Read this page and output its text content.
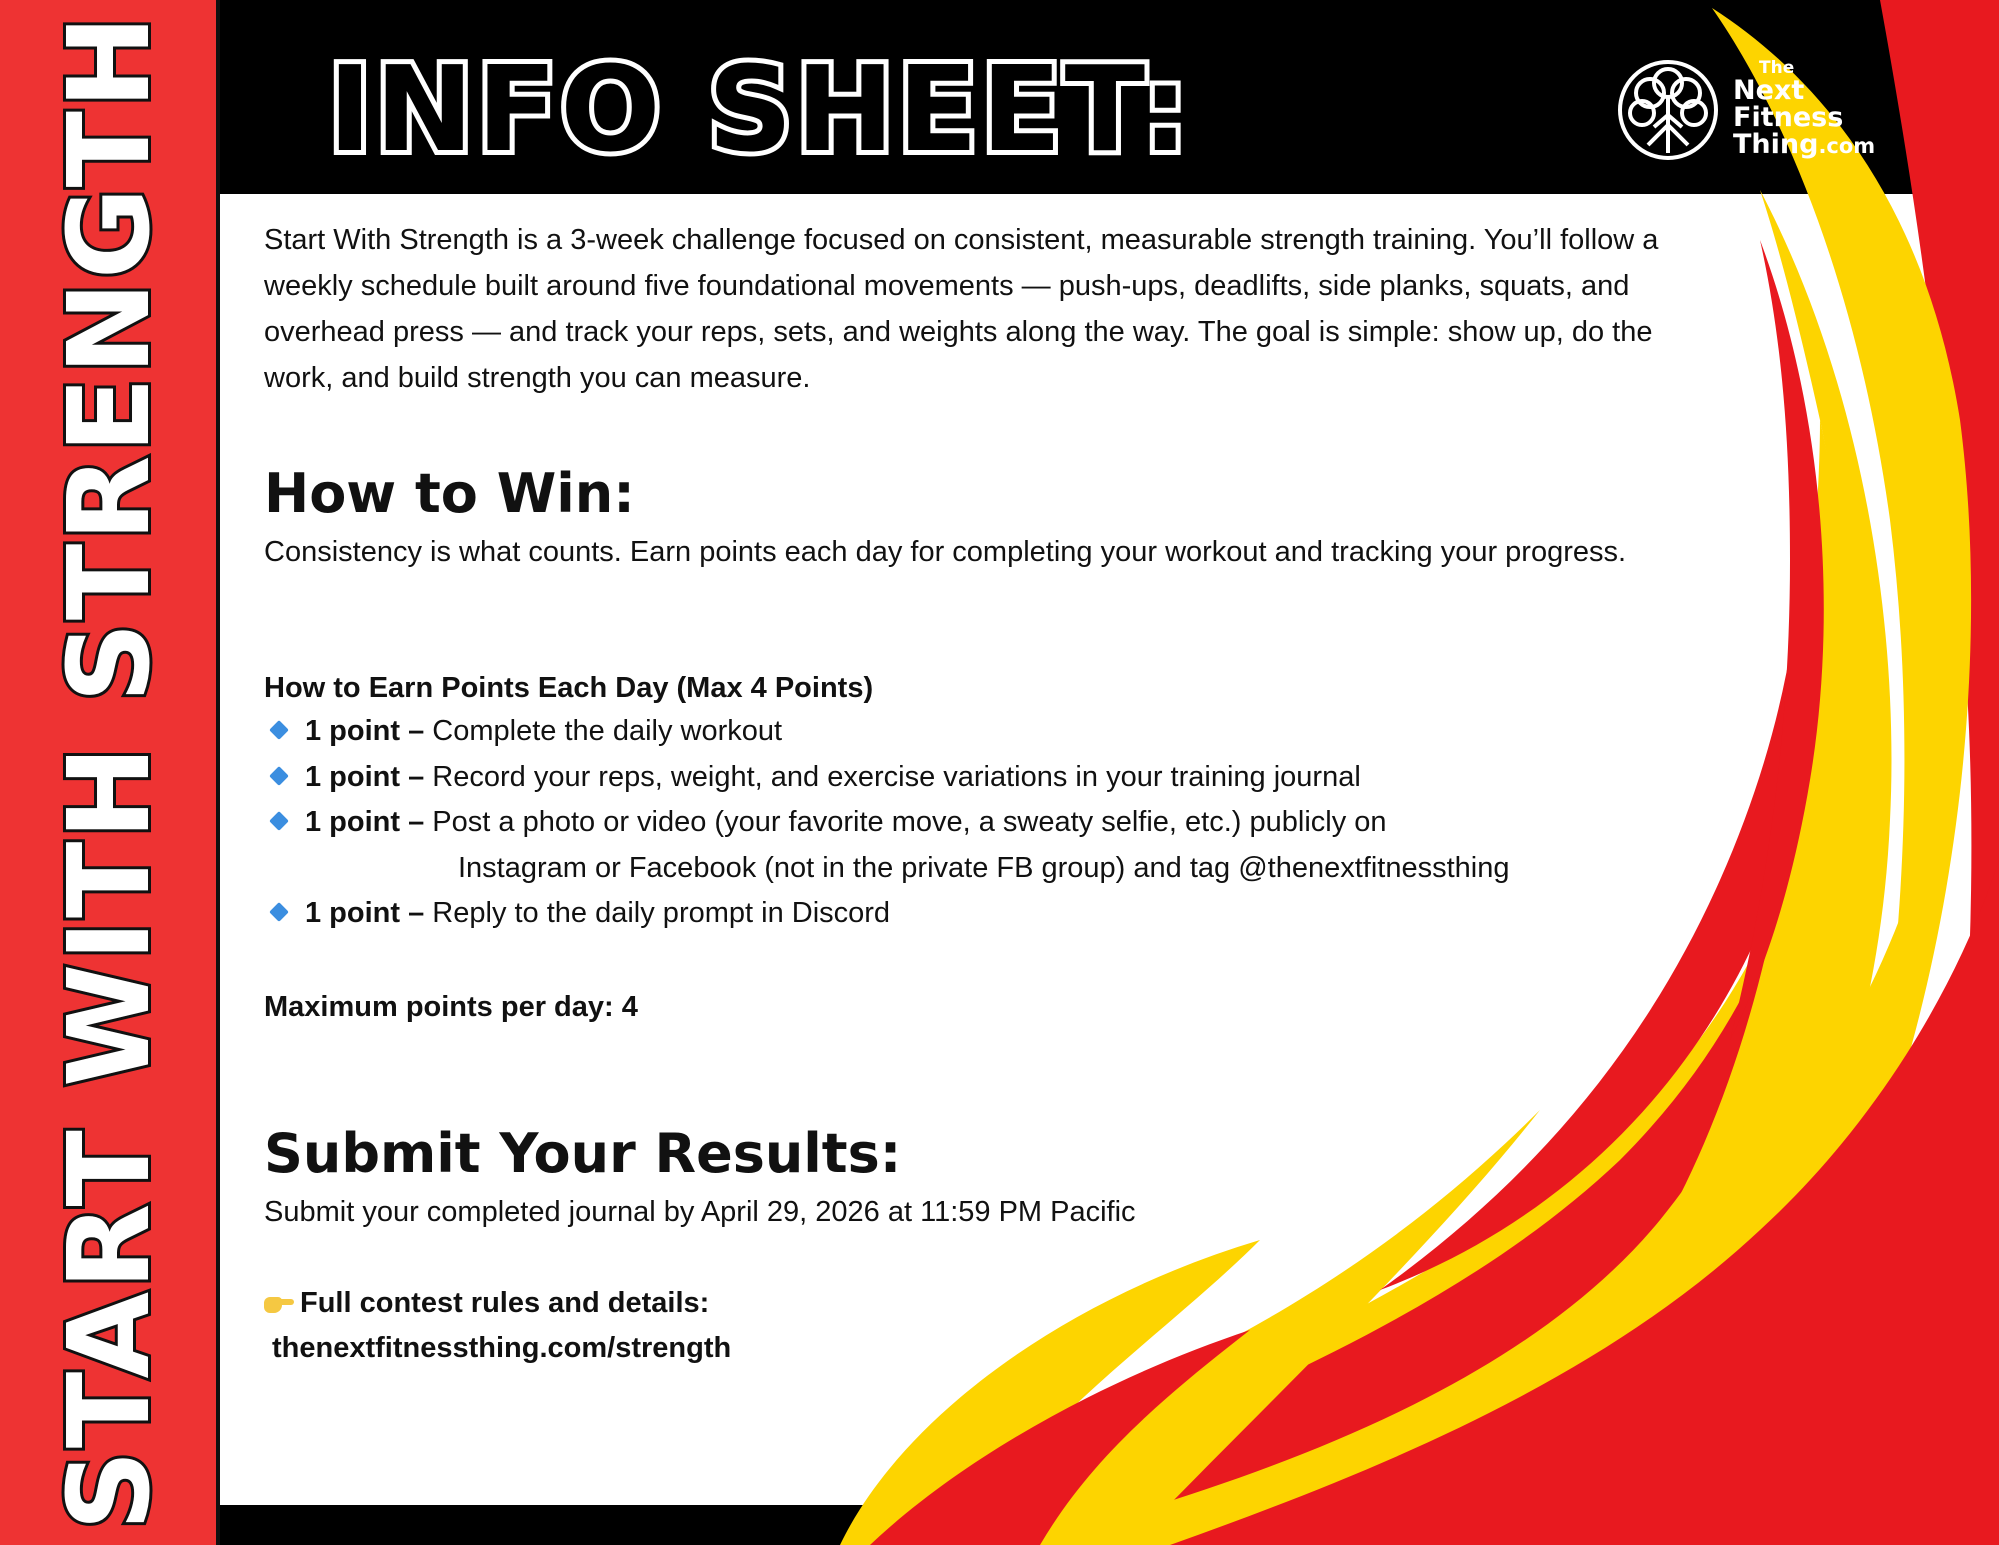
START WITH STRENGTH INFO SHEET:	The
Next
Fitness
Thing.com

Start With Strength is a 3-week challenge focused on consistent, measurable strength training. You’ll follow a weekly schedule built around five foundational movements — push-ups, deadlifts, side planks, squats, and overhead press — and track your reps, sets, and weights along the way. The goal is simple: show up, do the work, and build strength you can measure.

How to Win:

Consistency is what counts. Earn points each day for completing your workout and tracking your progress.

How to Earn Points Each Day (Max 4 Points)

1 point – Complete the daily workout
1 point – Record your reps, weight, and exercise variations in your training journal
1 point – Post a photo or video (your favorite move, a sweaty selfie, etc.) publicly on
Instagram or Facebook (not in the private FB group) and tag @thenextfitnessthing
1 point – Reply to the daily prompt in Discord

Maximum points per day: 4

Submit Your Results:

Submit your completed journal by April 29, 2026 at 11:59 PM Pacific

Full contest rules and details:

thenextfitnessthing.com/strength
